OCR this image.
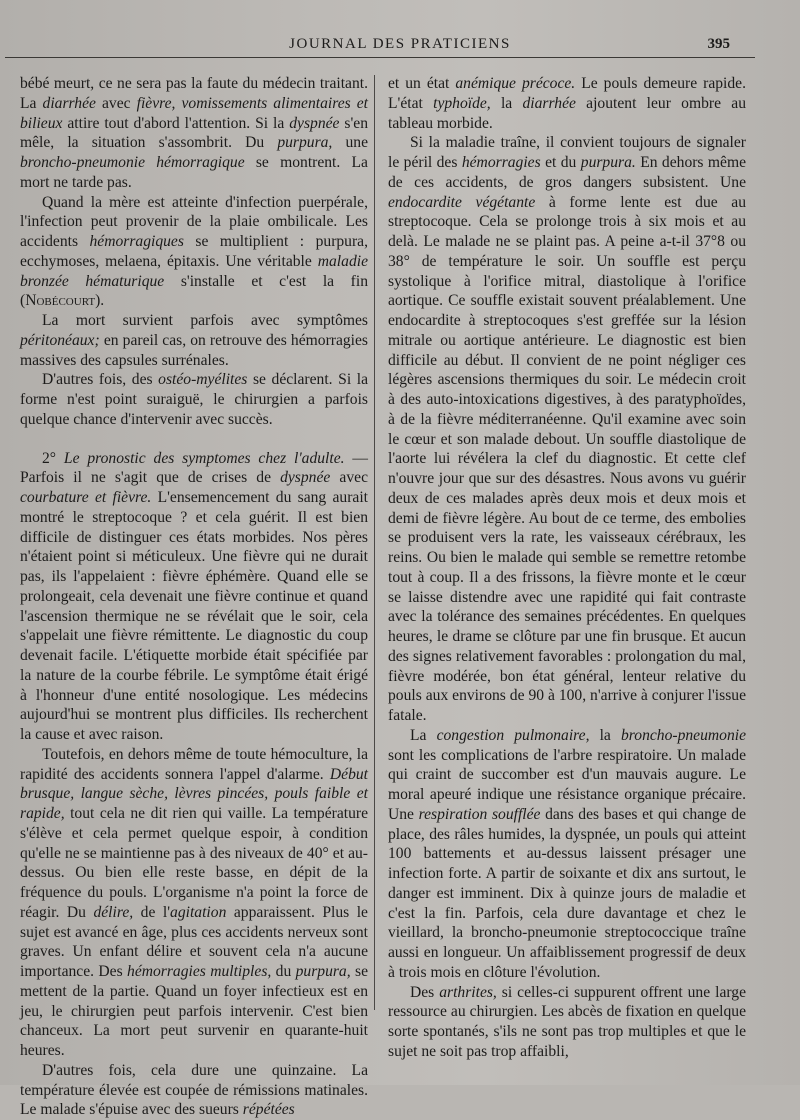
JOURNAL DES PRATICIENS	395

bébé meurt, ce ne sera pas la faute du médecin traitant. La diarrhée avec fièvre, vomissements alimentaires et bilieux attire tout d'abord l'attention. Si la dyspnée s'en mêle, la situation s'assombrit. Du purpura, une broncho-pneumonie hémorragique se montrent. La mort ne tarde pas.

Quand la mère est atteinte d'infection puerpérale, l'infection peut provenir de la plaie ombilicale. Les accidents hémorragiques se multiplient : purpura, ecchymoses, melaena, épitaxis. Une véritable maladie bronzée hématurique s'installe et c'est la fin (Nobécourt).

La mort survient parfois avec symptômes péritonéaux; en pareil cas, on retrouve des hémorragies massives des capsules surrénales.

D'autres fois, des ostéo-myélites se déclarent. Si la forme n'est point suraiguë, le chirurgien a parfois quelque chance d'intervenir avec succès.

2° Le pronostic des symptomes chez l'adulte. — Parfois il ne s'agit que de crises de dyspnée avec courbature et fièvre. L'ensemencement du sang aurait montré le streptocoque ? et cela guérit. Il est bien difficile de distinguer ces états morbides. Nos pères n'étaient point si méticuleux. Une fièvre qui ne durait pas, ils l'appelaient : fièvre éphémère. Quand elle se prolongeait, cela devenait une fièvre continue et quand l'ascension thermique ne se révélait que le soir, cela s'appelait une fièvre rémittente. Le diagnostic du coup devenait facile. L'étiquette morbide était spécifiée par la nature de la courbe fébrile. Le symptôme était érigé à l'honneur d'une entité nosologique. Les médecins aujourd'hui se montrent plus difficiles. Ils recherchent la cause et avec raison.

Toutefois, en dehors même de toute hémoculture, la rapidité des accidents sonnera l'appel d'alarme. Début brusque, langue sèche, lèvres pincées, pouls faible et rapide, tout cela ne dit rien qui vaille. La température s'élève et cela permet quelque espoir, à condition qu'elle ne se maintienne pas à des niveaux de 40° et au-dessus. Ou bien elle reste basse, en dépit de la fréquence du pouls. L'organisme n'a point la force de réagir. Du délire, de l'agitation apparaissent. Plus le sujet est avancé en âge, plus ces accidents nerveux sont graves. Un enfant délire et souvent cela n'a aucune importance. Des hémorragies multiples, du purpura, se mettent de la partie. Quand un foyer infectieux est en jeu, le chirurgien peut parfois intervenir. C'est bien chanceux. La mort peut survenir en quarante-huit heures.

D'autres fois, cela dure une quinzaine. La température élevée est coupée de rémissions matinales. Le malade s'épuise avec des sueurs répétées

et un état anémique précoce. Le pouls demeure rapide. L'état typhoïde, la diarrhée ajoutent leur ombre au tableau morbide.

Si la maladie traîne, il convient toujours de signaler le péril des hémorragies et du purpura. En dehors même de ces accidents, de gros dangers subsistent. Une endocardite végétante à forme lente est due au streptocoque. Cela se prolonge trois à six mois et au delà. Le malade ne se plaint pas. A peine a-t-il 37°8 ou 38° de température le soir. Un souffle est perçu systolique à l'orifice mitral, diastolique à l'orifice aortique. Ce souffle existait souvent préalablement. Une endocardite à streptocoques s'est greffée sur la lésion mitrale ou aortique antérieure. Le diagnostic est bien difficile au début. Il convient de ne point négliger ces légères ascensions thermiques du soir. Le médecin croit à des auto-intoxications digestives, à des paratyphoïdes, à de la fièvre méditerranéenne. Qu'il examine avec soin le cœur et son malade debout. Un souffle diastolique de l'aorte lui révélera la clef du diagnostic. Et cette clef n'ouvre jour que sur des désastres. Nous avons vu guérir deux de ces malades après deux mois et deux mois et demi de fièvre légère. Au bout de ce terme, des embolies se produisent vers la rate, les vaisseaux cérébraux, les reins. Ou bien le malade qui semble se remettre retombe tout à coup. Il a des frissons, la fièvre monte et le cœur se laisse distendre avec une rapidité qui fait contraste avec la tolérance des semaines précédentes. En quelques heures, le drame se clôture par une fin brusque. Et aucun des signes relativement favorables : prolongation du mal, fièvre modérée, bon état général, lenteur relative du pouls aux environs de 90 à 100, n'arrive à conjurer l'issue fatale.

La congestion pulmonaire, la broncho-pneumonie sont les complications de l'arbre respiratoire. Un malade qui craint de succomber est d'un mauvais augure. Le moral apeuré indique une résistance organique précaire. Une respiration soufflée dans des bases et qui change de place, des râles humides, la dyspnée, un pouls qui atteint 100 battements et au-dessus laissent présager une infection forte. A partir de soixante et dix ans surtout, le danger est imminent. Dix à quinze jours de maladie et c'est la fin. Parfois, cela dure davantage et chez le vieillard, la broncho-pneumonie streptococcique traîne aussi en longueur. Un affaiblissement progressif de deux à trois mois en clôture l'évolution.

Des arthrites, si celles-ci suppurent offrent une large ressource au chirurgien. Les abcès de fixation en quelque sorte spontanés, s'ils ne sont pas trop multiples et que le sujet ne soit pas trop affaibli,
